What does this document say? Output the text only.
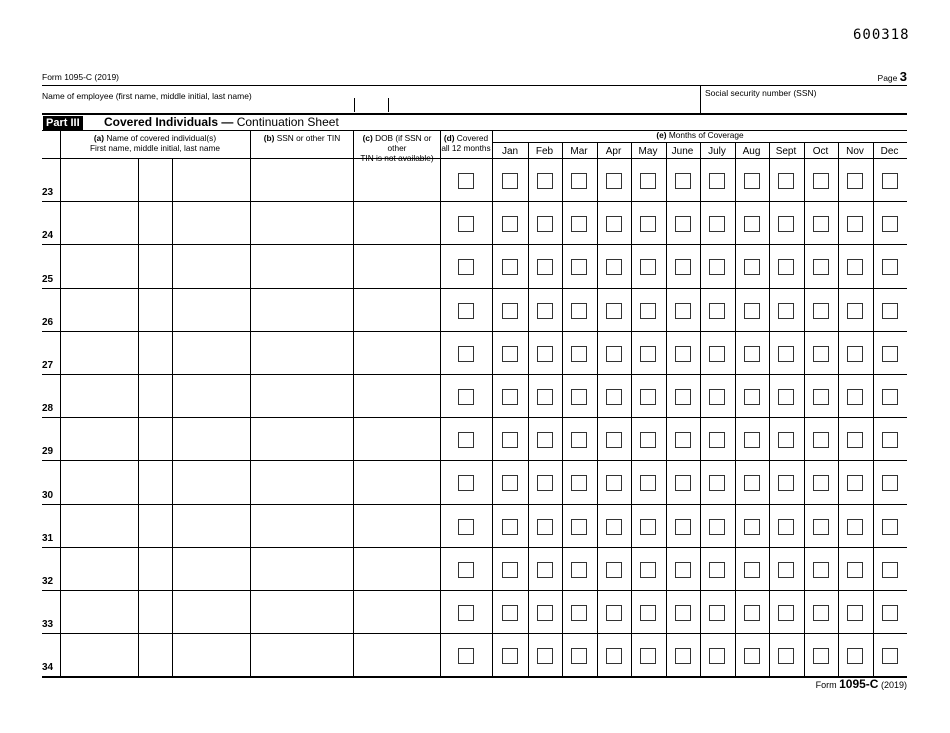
600318
Form 1095-C (2019)	Page 3
Name of employee (first name, middle initial, last name)	Social security number (SSN)
Part III Covered Individuals — Continuation Sheet
(a) Name of covered individual(s)
First name, middle initial, last name
(b) SSN or other TIN	(c) DOB (if SSN or other
TIN is not available)
(d) Covered
all 12 months
(e) Months of Coverage
Jan	Feb	Mar	Apr	May	June	July	Aug	Sept	Oct	Nov	Dec
23
24
25
26
27
28
29
30
31
32
33
34
Form 1095-C (2019)
